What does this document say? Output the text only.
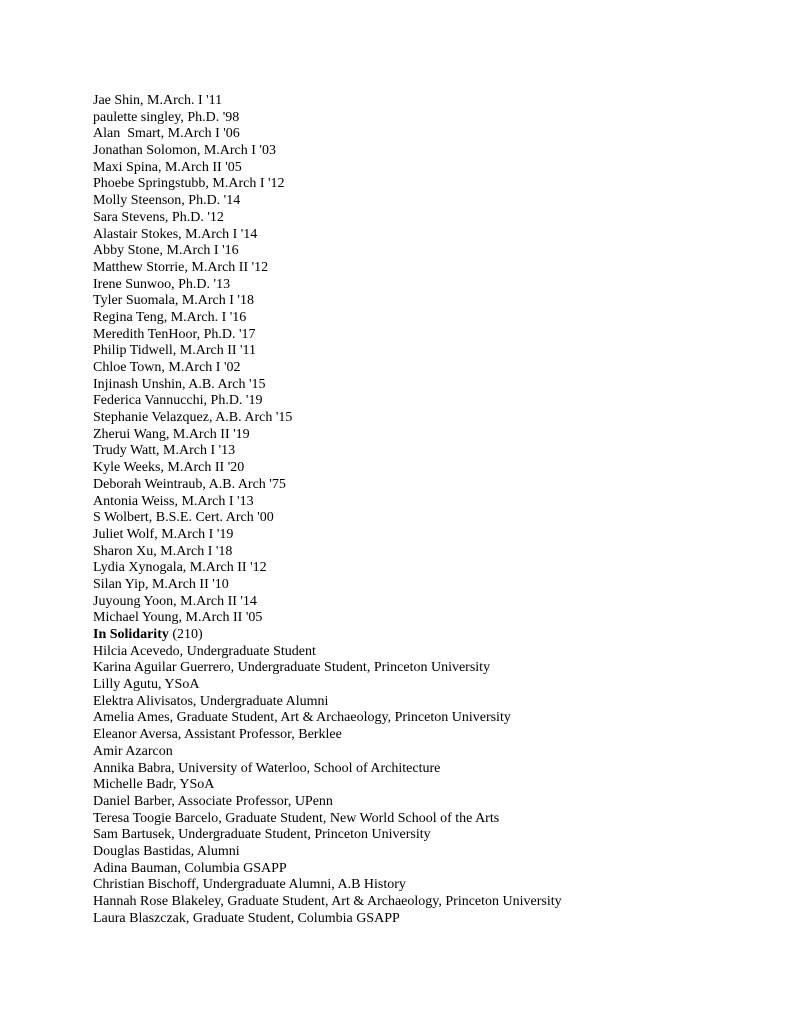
Jae Shin, M.Arch. I '11

paulette singley, Ph.D. '98

Alan  Smart, M.Arch I '06

Jonathan Solomon, M.Arch I '03

Maxi Spina, M.Arch II '05

Phoebe Springstubb, M.Arch I '12

Molly Steenson, Ph.D. '14

Sara Stevens, Ph.D. '12

Alastair Stokes, M.Arch I '14

Abby Stone, M.Arch I '16

Matthew Storrie, M.Arch II '12

Irene Sunwoo, Ph.D. '13

Tyler Suomala, M.Arch I '18

Regina Teng, M.Arch. I '16

Meredith TenHoor, Ph.D. '17

Philip Tidwell, M.Arch II '11

Chloe Town, M.Arch I '02

Injinash Unshin, A.B. Arch '15

Federica Vannucchi, Ph.D. '19

Stephanie Velazquez, A.B. Arch '15

Zherui Wang, M.Arch II '19

Trudy Watt, M.Arch I '13

Kyle Weeks, M.Arch II '20

Deborah Weintraub, A.B. Arch '75

Antonia Weiss, M.Arch I '13

S Wolbert, B.S.E. Cert. Arch '00

Juliet Wolf, M.Arch I '19

Sharon Xu, M.Arch I '18

Lydia Xynogala, M.Arch II '12

Silan Yip, M.Arch II '10

Juyoung Yoon, M.Arch II '14

Michael Young, M.Arch II '05

In Solidarity (210)

Hilcia Acevedo, Undergraduate Student

Karina Aguilar Guerrero, Undergraduate Student, Princeton University

Lilly Agutu, YSoA

Elektra Alivisatos, Undergraduate Alumni

Amelia Ames, Graduate Student, Art & Archaeology, Princeton University

Eleanor Aversa, Assistant Professor, Berklee

Amir Azarcon

Annika Babra, University of Waterloo, School of Architecture

Michelle Badr, YSoA

Daniel Barber, Associate Professor, UPenn

Teresa Toogie Barcelo, Graduate Student, New World School of the Arts

Sam Bartusek, Undergraduate Student, Princeton University

Douglas Bastidas, Alumni

Adina Bauman, Columbia GSAPP

Christian Bischoff, Undergraduate Alumni, A.B History

Hannah Rose Blakeley, Graduate Student, Art & Archaeology, Princeton University

Laura Blaszczak, Graduate Student, Columbia GSAPP
